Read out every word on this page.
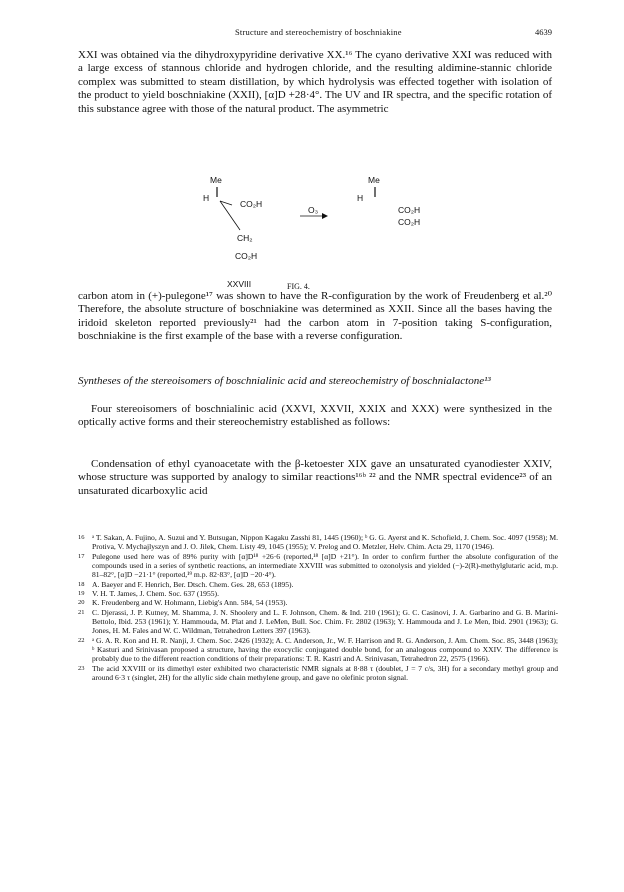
Structure and stereochemistry of boschniakine	4639

XXI was obtained via the dihydroxypyridine derivative XX.¹⁶ The cyano derivative XXI was reduced with a large excess of stannous chloride and hydrogen chloride, and the resulting aldimine-stannic chloride complex was submitted to steam distillation, by which hydrolysis was effected together with isolation of the product to yield boschniakine (XXII), [α]D +28·4°. The UV and IR spectra, and the specific rotation of this substance agree with those of the natural product. The asymmetric

Me
H
CO₂H
O₃
CH₂
CO₂H
Me
H
CO₂H
CO₂H
XXVIII	FIG. 4.

carbon atom in (+)-pulegone¹⁷ was shown to have the R-configuration by the work of Freudenberg et al.²⁰ Therefore, the absolute structure of boschniakine was determined as XXII. Since all the bases having the iridoid skeleton reported previously²¹ had the carbon atom in 7-position taking S-configuration, boschniakine is the first example of the base with a reverse configuration.

Syntheses of the stereoisomers of boschnialinic acid and stereochemistry of boschnialactone¹³

Four stereoisomers of boschnialinic acid (XXVI, XXVII, XXIX and XXX) were synthesized in the optically active forms and their stereochemistry established as follows:

Condensation of ethyl cyanoacetate with the β-ketoester XIX gave an unsaturated cyanodiester XXIV, whose structure was supported by analogy to similar reactions¹⁶ᵇ ²² and the NMR spectral evidence²³ of an unsaturated dicarboxylic acid

16 ᵃ T. Sakan, A. Fujino, A. Suzui and Y. Butsugan, Nippon Kagaku Zasshi 81, 1445 (1960); ᵇ G. G. Ayerst and K. Schofield, J. Chem. Soc. 4097 (1958); M. Protiva, V. Mychajlyszyn and J. O. Jilek, Chem. Listy 49, 1045 (1955); V. Prelog and O. Metzler, Helv. Chim. Acta 29, 1170 (1946).

17 Pulegone used here was of 89% purity with [α]D¹⁸ +26·6 (reported,¹⁸ [α]D +21°). In order to confirm further the absolute configuration of the compounds used in a series of synthetic reactions, an intermediate XXVIII was submitted to ozonolysis and yielded (−)-2(R)-methylglutaric acid, m.p. 81–82°, [α]D −21·1° (reported,¹⁹ m.p. 82·83°, [α]D −20·4°).

18 A. Baeyer and F. Henrich, Ber. Dtsch. Chem. Ges. 28, 653 (1895).

19 V. H. T. James, J. Chem. Soc. 637 (1955).

20 K. Freudenberg and W. Hohmann, Liebig's Ann. 584, 54 (1953).

21 C. Djerassi, J. P. Kutney, M. Shamma, J. N. Shoolery and L. F. Johnson, Chem. & Ind. 210 (1961); G. C. Casinovi, J. A. Garbarino and G. B. Marini-Bettolo, Ibid. 253 (1961); Y. Hammouda, M. Plat and J. LeMen, Bull. Soc. Chim. Fr. 2802 (1963); Y. Hammouda and J. Le Men, Ibid. 2901 (1963); G. Jones, H. M. Fales and W. C. Wildman, Tetrahedron Letters 397 (1963).

22 ᵃ G. A. R. Kon and H. R. Nanji, J. Chem. Soc. 2426 (1932); A. C. Anderson, Jr., W. F. Harrison and R. G. Anderson, J. Am. Chem. Soc. 85, 3448 (1963); ᵇ Kasturi and Srinivasan proposed a structure, having the exocyclic conjugated double bond, for an analogous compound to XXIV. The difference is probably due to the different reaction conditions of their preparations: T. R. Kastri and A. Srinivasan, Tetrahedron 22, 2575 (1966).

23 The acid XXVIII or its dimethyl ester exhibited two characteristic NMR signals at 8·88 τ (doublet, J = 7 c/s, 3H) for a secondary methyl group and around 6·3 τ (singlet, 2H) for the allylic side chain methylene group, and gave no olefinic proton signal.
